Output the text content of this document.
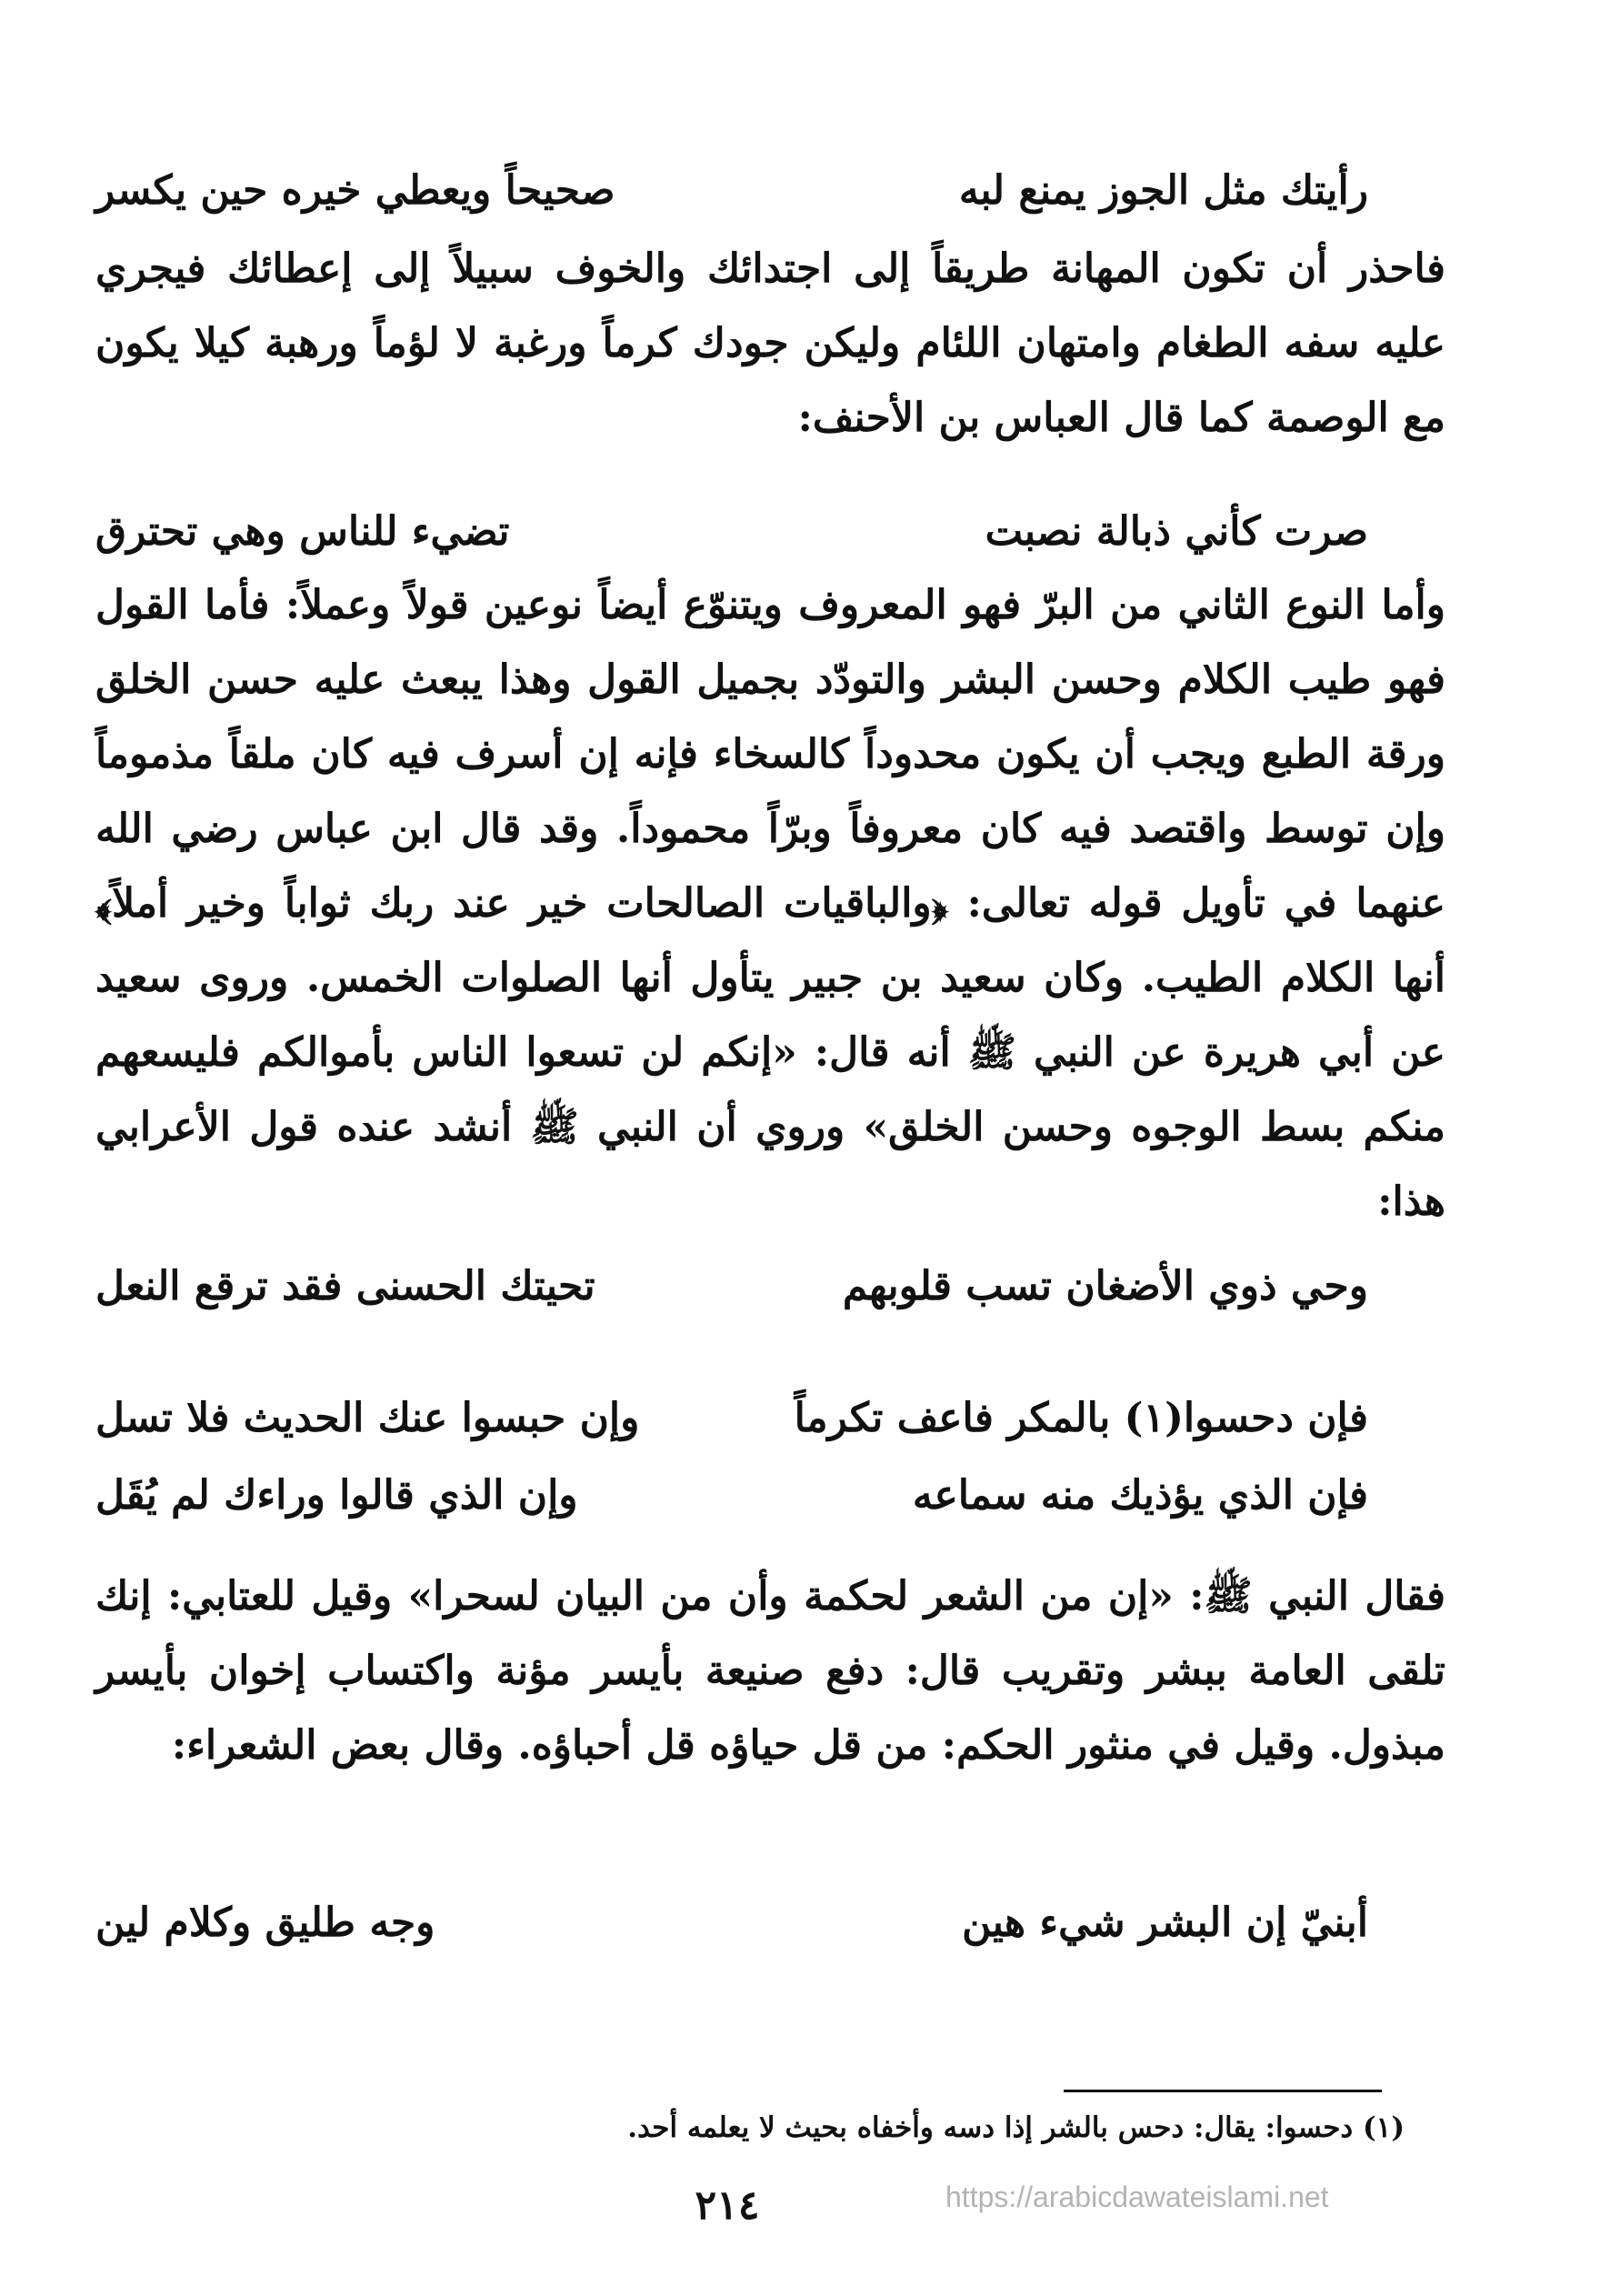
رأيتك مثل الجوز يمنع لبه
صحيحاً ويعطي خيره حين يكسر

فاحذر أن تكون المهانة طريقاً إلى اجتدائك والخوف سبيلاً إلى إعطائك فيجري عليه سفه الطغام وامتهان اللئام وليكن جودك كرماً ورغبة لا لؤماً ورهبة كيلا يكون مع الوصمة كما قال العباس بن الأحنف:

صرت كأني ذبالة نصبت
تضيء للناس وهي تحترق

وأما النوع الثاني من البرّ فهو المعروف ويتنوّع أيضاً نوعين قولاً وعملاً: فأما القول فهو طيب الكلام وحسن البشر والتودّد بجميل القول وهذا يبعث عليه حسن الخلق ورقة الطبع ويجب أن يكون محدوداً كالسخاء فإنه إن أسرف فيه كان ملقاً مذموماً وإن توسط واقتصد فيه كان معروفاً وبرّاً محموداً. وقد قال ابن عباس رضي الله عنهما في تأويل قوله تعالى: ﴿والباقيات الصالحات خير عند ربك ثواباً وخير أملاً﴾ أنها الكلام الطيب. وكان سعيد بن جبير يتأول أنها الصلوات الخمس. وروى سعيد عن أبي هريرة عن النبي ﷺ أنه قال: «إنكم لن تسعوا الناس بأموالكم فليسعهم منكم بسط الوجوه وحسن الخلق» وروي أن النبي ﷺ أنشد عنده قول الأعرابي هذا:

وحي ذوي الأضغان تسب قلوبهم
تحيتك الحسنى فقد ترقع النعل
فإن دحسوا(١) بالمكر فاعف تكرماً
وإن حبسوا عنك الحديث فلا تسل
فإن الذي يؤذيك منه سماعه
وإن الذي قالوا وراءك لم يُقَل

فقال النبي ﷺ: «إن من الشعر لحكمة وأن من البيان لسحرا» وقيل للعتابي: إنك تلقى العامة ببشر وتقريب قال: دفع صنيعة بأيسر مؤنة واكتساب إخوان بأيسر مبذول. وقيل في منثور الحكم: من قل حياؤه قل أحباؤه. وقال بعض الشعراء:

أبنيّ إن البشر شيء هين
وجه طليق وكلام لين

(١) دحسوا: يقال: دحس بالشر إذا دسه وأخفاه بحيث لا يعلمه أحد.

٢١٤	https://arabicdawateislami.net
